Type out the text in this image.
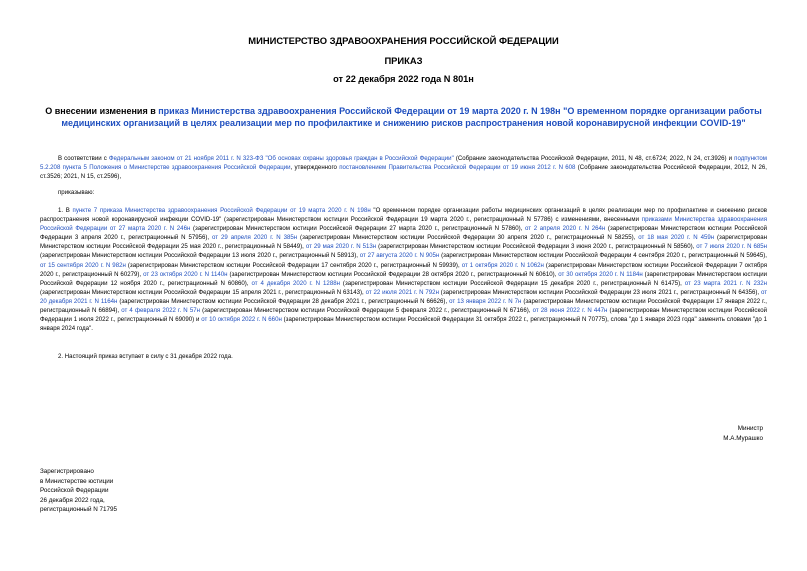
МИНИСТЕРСТВО ЗДРАВООХРАНЕНИЯ РОССИЙСКОЙ ФЕДЕРАЦИИ
ПРИКАЗ
от 22 декабря 2022 года N 801н
О внесении изменения в приказ Министерства здравоохранения Российской Федерации от 19 марта 2020 г. N 198н "О временном порядке организации работы медицинских организаций в целях реализации мер по профилактике и снижению рисков распространения новой коронавирусной инфекции COVID-19"
В соответствии с Федеральным законом от 21 ноября 2011 г. N 323-ФЗ "Об основах охраны здоровья граждан в Российской Федерации" (Собрание законодательства Российской Федерации, 2011, N 48, ст.6724; 2022, N 24, ст.3926) и подпунктом 5.2.208 пункта 5 Положения о Министерстве здравоохранения Российской Федерации, утвержденного постановлением Правительства Российской Федерации от 19 июня 2012 г. N 608 (Собрание законодательства Российской Федерации, 2012, N 26, ст.3526; 2021, N 15, ст.2596),
приказываю:
1. В пункте 7 приказа Министерства здравоохранения Российской Федерации от 19 марта 2020 г. N 198н "О временном порядке организации работы медицинских организаций в целях реализации мер по профилактике и снижению рисков распространения новой коронавирусной инфекции COVID-19" (зарегистрирован Министерством юстиции Российской Федерации 19 марта 2020 г., регистрационный N 57786) с изменениями, внесенными приказами Министерства здравоохранения Российской Федерации от 27 марта 2020 г. N 246н (зарегистрирован Министерством юстиции Российской Федерации 27 марта 2020 г., регистрационный N 57860), от 2 апреля 2020 г. N 264н (зарегистрирован Министерством юстиции Российской Федерации 3 апреля 2020 г., регистрационный N 57956), от 29 апреля 2020 г. N 385н (зарегистрирован Министерством юстиции Российской Федерации 30 апреля 2020 г., регистрационный N 58255), от 18 мая 2020 г. N 459н (зарегистрирован Министерством юстиции Российской Федерации 25 мая 2020 г., регистрационный N 58449), от 29 мая 2020 г. N 513н (зарегистрирован Министерством юстиции Российской Федерации 3 июня 2020 г., регистрационный N 58560), от 7 июля 2020 г. N 685н (зарегистрирован Министерством юстиции Российской Федерации 13 июля 2020 г., регистрационный N 58913), от 27 августа 2020 г. N 905н (зарегистрирован Министерством юстиции Российской Федерации 4 сентября 2020 г., регистрационный N 59645), от 15 сентября 2020 г. N 982н (зарегистрирован Министерством юстиции Российской Федерации 17 сентября 2020 г., регистрационный N 59939), от 1 октября 2020 г. N 1062н (зарегистрирован Министерством юстиции Российской Федерации 7 октября 2020 г., регистрационный N 60279), от 23 октября 2020 г. N 1140н (зарегистрирован Министерством юстиции Российской Федерации 28 октября 2020 г., регистрационный N 60610), от 30 октября 2020 г. N 1184н (зарегистрирован Министерством юстиции Российской Федерации 12 ноября 2020 г., регистрационный N 60860), от 4 декабря 2020 г. N 1288н (зарегистрирован Министерством юстиции Российской Федерации 15 декабря 2020 г., регистрационный N 61475), от 23 марта 2021 г. N 232н (зарегистрирован Министерством юстиции Российской Федерации 15 апреля 2021 г., регистрационный N 63143), от 22 июля 2021 г. N 792н (зарегистрирован Министерством юстиции Российской Федерации 23 июля 2021 г., регистрационный N 64356), от 20 декабря 2021 г. N 1164н (зарегистрирован Министерством юстиции Российской Федерации 28 декабря 2021 г., регистрационный N 66626), от 13 января 2022 г. N 7н (зарегистрирован Министерством юстиции Российской Федерации 17 января 2022 г., регистрационный N 66894), от 4 февраля 2022 г. N 57н (зарегистрирован Министерством юстиции Российской Федерации 5 февраля 2022 г., регистрационный N 67166), от 28 июня 2022 г. N 447н (зарегистрирован Министерством юстиции Российской Федерации 1 июля 2022 г., регистрационный N 69090) и от 10 октября 2022 г. N 660н (зарегистрирован Министерством юстиции Российской Федерации 31 октября 2022 г., регистрационный N 70775), слова "до 1 января 2023 года" заменить словами "до 1 января 2024 года".
2. Настоящий приказ вступает в силу с 31 декабря 2022 года.
Министр
М.А.Мурашко
Зарегистрировано
в Министерстве юстиции
Российской Федерации
26 декабря 2022 года,
регистрационный N 71795
